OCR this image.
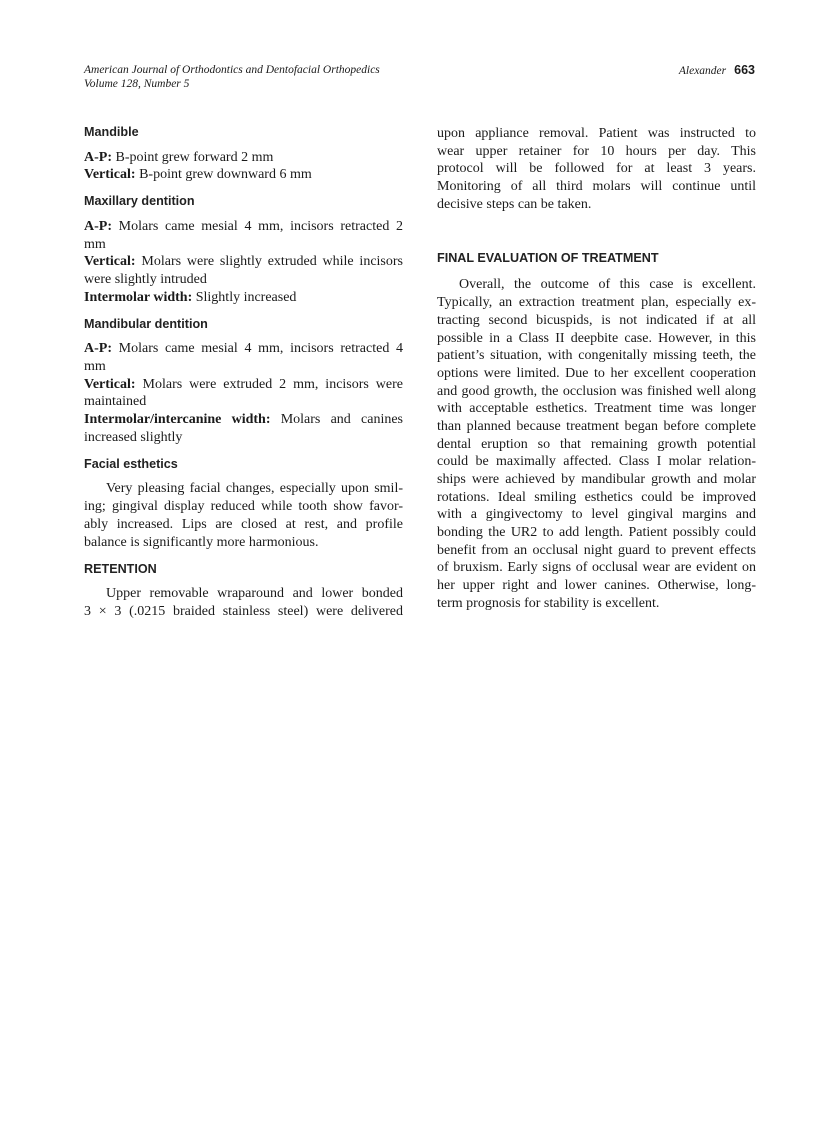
American Journal of Orthodontics and Dentofacial Orthopedics
Volume 128, Number 5
Alexander 663
Mandible
A-P: B-point grew forward 2 mm
Vertical: B-point grew downward 6 mm
Maxillary dentition
A-P: Molars came mesial 4 mm, incisors retracted 2
mm
Vertical: Molars were slightly extruded while incisors
were slightly intruded
Intermolar width: Slightly increased
Mandibular dentition
A-P: Molars came mesial 4 mm, incisors retracted 4
mm
Vertical: Molars were extruded 2 mm, incisors were
maintained
Intermolar/intercanine width: Molars and canines
increased slightly
Facial esthetics
Very pleasing facial changes, especially upon smil-
ing; gingival display reduced while tooth show favor-
ably increased. Lips are closed at rest, and profile
balance is significantly more harmonious.
RETENTION
Upper removable wraparound and lower bonded
3 × 3 (.0215 braided stainless steel) were delivered
upon appliance removal. Patient was instructed to
wear upper retainer for 10 hours per day. This
protocol will be followed for at least 3 years.
Monitoring of all third molars will continue until
decisive steps can be taken.
FINAL EVALUATION OF TREATMENT
Overall, the outcome of this case is excellent.
Typically, an extraction treatment plan, especially ex-
tracting second bicuspids, is not indicated if at all
possible in a Class II deepbite case. However, in this
patient’s situation, with congenitally missing teeth, the
options were limited. Due to her excellent cooperation
and good growth, the occlusion was finished well along
with acceptable esthetics. Treatment time was longer
than planned because treatment began before complete
dental eruption so that remaining growth potential
could be maximally affected. Class I molar relation-
ships were achieved by mandibular growth and molar
rotations. Ideal smiling esthetics could be improved
with a gingivectomy to level gingival margins and
bonding the UR2 to add length. Patient possibly could
benefit from an occlusal night guard to prevent effects
of bruxism. Early signs of occlusal wear are evident on
her upper right and lower canines. Otherwise, long-
term prognosis for stability is excellent.
